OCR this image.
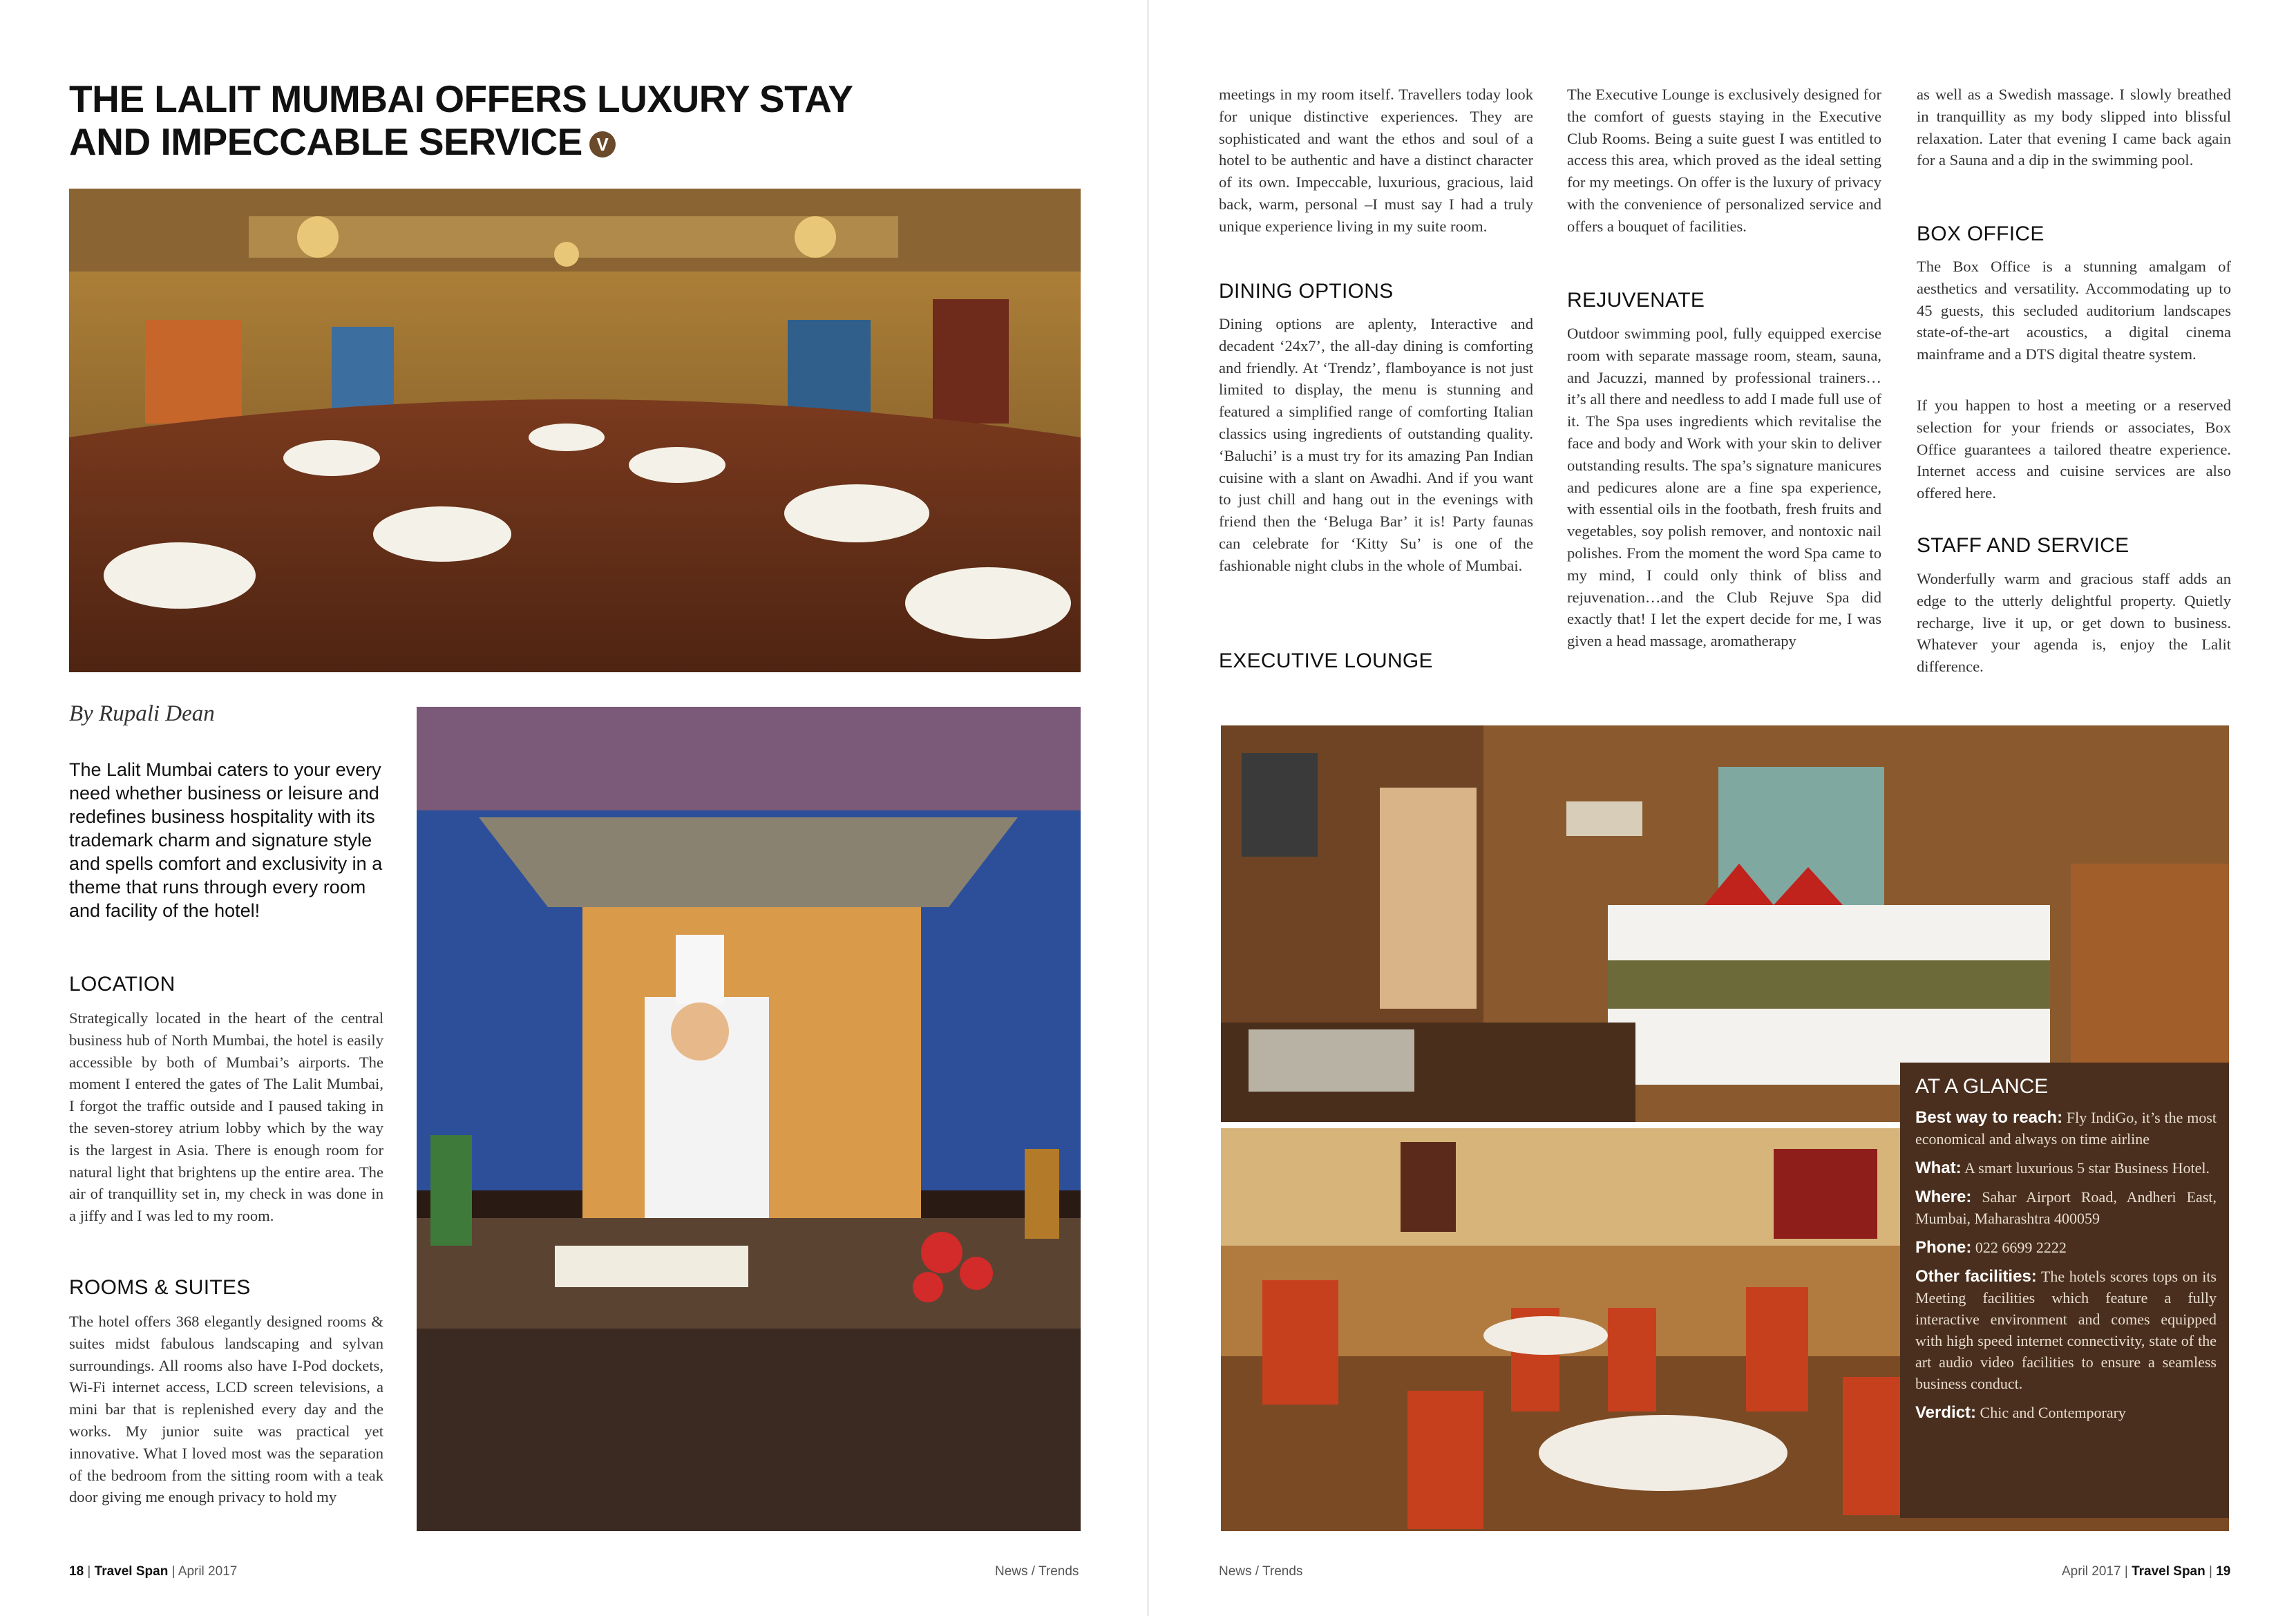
THE LALIT MUMBAI OFFERS LUXURY STAY
AND IMPECCABLE SERVICE V
By Rupali Dean
The Lalit Mumbai caters to your every need whether business or leisure and redefines business hospitality with its trademark charm and signature style and spells comfort and exclusivity in a theme that runs through every room and facility of the hotel!
LOCATION

Strategically located in the heart of the central business hub of North Mumbai, the hotel is easily accessible by both of Mumbai’s airports. The moment I entered the gates of The Lalit Mumbai, I forgot the traffic outside and I paused taking in the seven-storey atrium lobby which by the way is the largest in Asia. There is enough room for natural light that brightens up the entire area. The air of tranquillity set in, my check in was done in a jiffy and I was led to my room.

ROOMS & SUITES

The hotel offers 368 elegantly designed rooms & suites midst fabulous landscaping and sylvan surroundings. All rooms also have I-Pod dockets, Wi-Fi internet access, LCD screen televisions, a mini bar that is replenished every day and the works. My junior suite was practical yet innovative. What I loved most was the separation of the bedroom from the sitting room with a teak door giving me enough privacy to hold my

meetings in my room itself. Travellers today look for unique distinctive experiences. They are sophisticated and want the ethos and soul of a hotel to be authentic and have a distinct character of its own. Impeccable, luxurious, gracious, laid back, warm, personal –I must say I had a truly unique experience living in my suite room.

DINING OPTIONS

Dining options are aplenty, Interactive and decadent ‘24x7’, the all-day dining is comforting and friendly. At ‘Trendz’, flamboyance is not just limited to display, the menu is stunning and featured a simplified range of comforting Italian classics using ingredients of outstanding quality. ‘Baluchi’ is a must try for its amazing Pan Indian cuisine with a slant on Awadhi. And if you want to just chill and hang out in the evenings with friend then the ‘Beluga Bar’ it is! Party faunas can celebrate for ‘Kitty Su’ is one of the fashionable night clubs in the whole of Mumbai.

EXECUTIVE LOUNGE

The Executive Lounge is exclusively designed for the comfort of guests staying in the Executive Club Rooms. Being a suite guest I was entitled to access this area, which proved as the ideal setting for my meetings. On offer is the luxury of privacy with the convenience of personalized service and offers a bouquet of facilities.

REJUVENATE

Outdoor swimming pool, fully equipped exercise room with separate massage room, steam, sauna, and Jacuzzi, manned by professional trainers…it’s all there and needless to add I made full use of it. The Spa uses ingredients which revitalise the face and body and Work with your skin to deliver outstanding results. The spa’s signature manicures and pedicures alone are a fine spa experience, with essential oils in the footbath, fresh fruits and vegetables, soy polish remover, and nontoxic nail polishes. From the moment the word Spa came to my mind, I could only think of bliss and rejuvenation…and the Club Rejuve Spa did exactly that! I let the expert decide for me, I was given a head massage, aromatherapy

as well as a Swedish massage. I slowly breathed in tranquillity as my body slipped into blissful relaxation. Later that evening I came back again for a Sauna and a dip in the swimming pool.

BOX OFFICE

The Box Office is a stunning amalgam of aesthetics and versatility. Accommodating up to 45 guests, this secluded auditorium landscapes state-of-the-art acoustics, a digital cinema mainframe and a DTS digital theatre system.

If you happen to host a meeting or a reserved selection for your friends or associates, Box Office guarantees a tailored theatre experience. Internet access and cuisine services are also offered here.

STAFF AND SERVICE

Wonderfully warm and gracious staff adds an edge to the utterly delightful property. Quietly recharge, live it up, or get down to business. Whatever your agenda is, enjoy the Lalit difference.

AT A GLANCE

Best way to reach: Fly IndiGo, it’s the most economical and always on time airline

What: A smart luxurious 5 star Business Hotel.

Where: Sahar Airport Road, Andheri East, Mumbai, Maharashtra 400059

Phone: 022 6699 2222

Other facilities: The hotels scores tops on its Meeting facilities which feature a fully interactive environment and comes equipped with high speed internet connectivity, state of the art audio video facilities to ensure a seamless business conduct.

Verdict: Chic and Contemporary

18 | Travel Span | April 2017	News / Trends	News / Trends	April 2017 | Travel Span | 19
